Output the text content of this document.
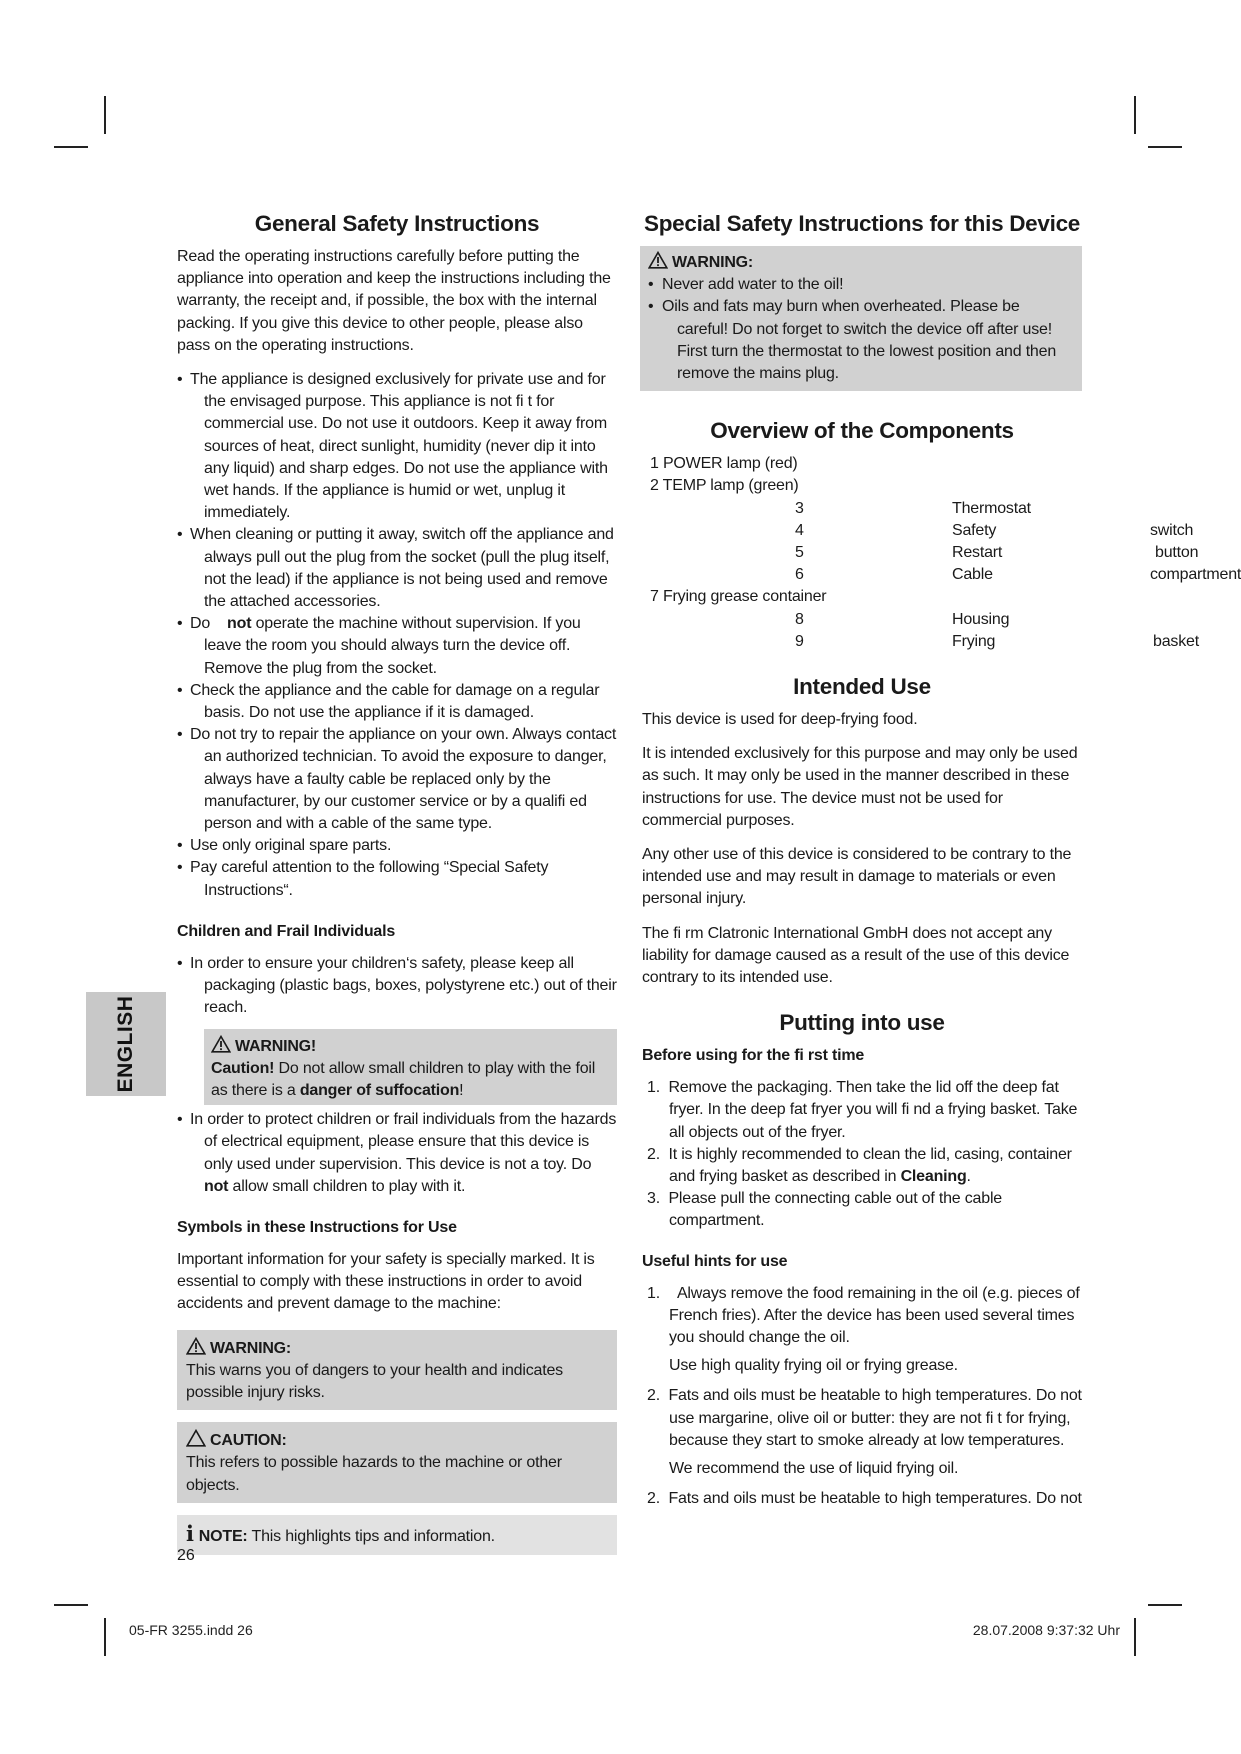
ENGLISH
General Safety Instructions

Read the operating instructions carefully before putting the appliance into operation and keep the instructions including the warranty, the receipt and, if possible, the box with the internal packing. If you give this device to other people, please also pass on the operating instructions.

• The appliance is designed exclusively for private use and for the envisaged purpose. This appliance is not fi t for commercial use. Do not use it outdoors. Keep it away from sources of heat, direct sunlight, humidity (never dip it into any liquid) and sharp edges. Do not use the appliance with wet hands. If the appliance is humid or wet, unplug it immediately.
• When cleaning or putting it away, switch off the appliance and always pull out the plug from the socket (pull the plug itself, not the lead) if the appliance is not being used and remove the attached accessories.
• Do not operate the machine without supervision. If you leave the room you should always turn the device off. Remove the plug from the socket.
• Check the appliance and the cable for damage on a regular basis. Do not use the appliance if it is damaged.
• Do not try to repair the appliance on your own. Always contact an authorized technician. To avoid the exposure to danger, always have a faulty cable be replaced only by the manufacturer, by our customer service or by a qualifi ed person and with a cable of the same type.
• Use only original spare parts.
• Pay careful attention to the following “Special Safety Instructions“.
Children and Frail Individuals
• In order to ensure your children‘s safety, please keep all packaging (plastic bags, boxes, polystyrene etc.) out of their reach.
WARNING!

Caution! Do not allow small children to play with the foil as there is a danger of suffocation!

• In order to protect children or frail individuals from the hazards of electrical equipment, please ensure that this device is only used under supervision. This device is not a toy. Do not allow small children to play with it.
Symbols in these Instructions for Use

Important information for your safety is specially marked. It is essential to comply with these instructions in order to avoid accidents and prevent damage to the machine:

WARNING:

This warns you of dangers to your health and indicates possible injury risks.

CAUTION:

This refers to possible hazards to the machine or other objects.

i NOTE: This highlights tips and information.
Special Safety Instructions for this Device
WARNING:
• Never add water to the oil!
• Oils and fats may burn when overheated. Please be careful! Do not forget to switch the device off after use! First turn the thermostat to the lowest position and then remove the mains plug.
Overview of the Components
1 POWER lamp (red)
2 TEMP lamp (green)
3	Thermostat
4	Safety	switch
5	Restart	button
6	Cable	compartment
7 Frying grease container
8	Housing
9	Frying	basket
Intended Use

This device is used for deep-frying food.

It is intended exclusively for this purpose and may only be used as such. It may only be used in the manner described in these instructions for use. The device must not be used for commercial purposes.

Any other use of this device is considered to be contrary to the intended use and may result in damage to materials or even personal injury.

The fi rm Clatronic International GmbH does not accept any liability for damage caused as a result of the use of this device contrary to its intended use.

Putting into use
Before using for the fi rst time
1. Remove the packaging. Then take the lid off the deep fat fryer. In the deep fat fryer you will fi nd a frying basket. Take all objects out of the fryer.
2. It is highly recommended to clean the lid, casing, container and frying basket as described in Cleaning.
3. Please pull the connecting cable out of the cable compartment.
Useful hints for use
1. Always remove the food remaining in the oil (e.g. pieces of French fries). After the device has been used several times you should change the oil.
Use high quality frying oil or frying grease.
2. Fats and oils must be heatable to high temperatures. Do not use margarine, olive oil or butter: they are not fi t for frying, because they start to smoke already at low temperatures.
We recommend the use of liquid frying oil.
2. Fats and oils must be heatable to high temperatures. Do not
26
05-FR 3255.indd 26	28.07.2008 9:37:32 Uhr
